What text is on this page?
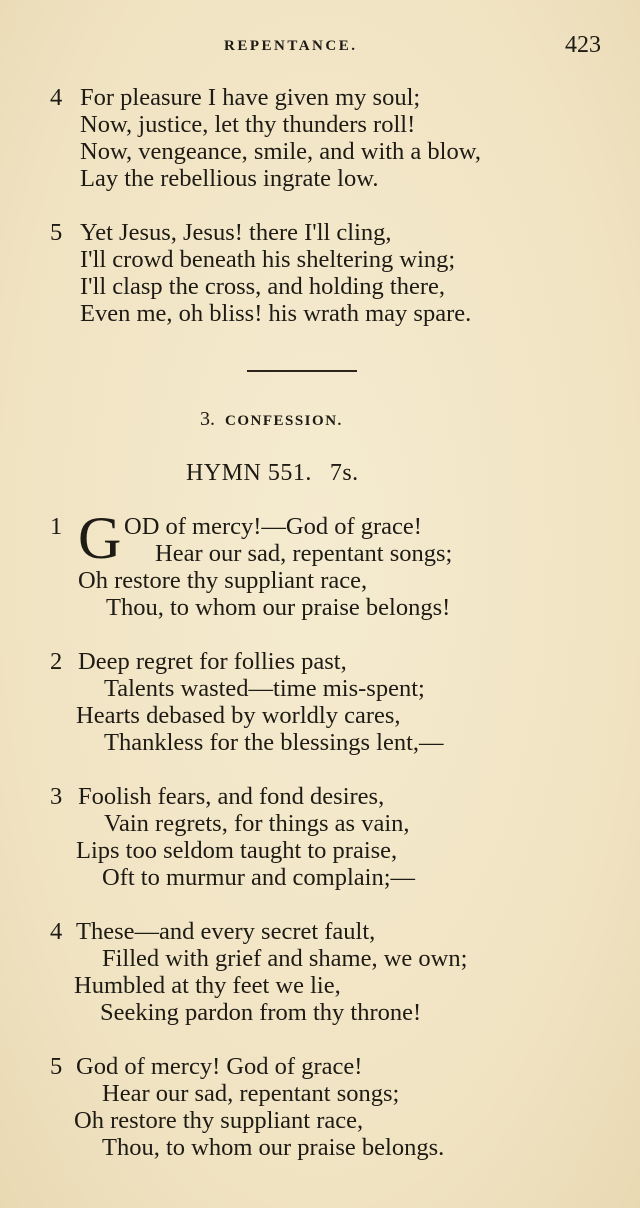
REPENTANCE.	423
4 For pleasure I have given my soul;
Now, justice, let thy thunders roll!
Now, vengeance, smile, and with a blow,
Lay the rebellious ingrate low.
5 Yet Jesus, Jesus! there I'll cling,
I'll crowd beneath his sheltering wing;
I'll clasp the cross, and holding there,
Even me, oh bliss! his wrath may spare.
3. CONFESSION.
HYMN 551. 7s.
G
1	OD of mercy!—God of grace!
Hear our sad, repentant songs;
Oh restore thy suppliant race,
Thou, to whom our praise belongs!
2 Deep regret for follies past,
Talents wasted—time mis-spent;
Hearts debased by worldly cares,
Thankless for the blessings lent,—
3 Foolish fears, and fond desires,
Vain regrets, for things as vain,
Lips too seldom taught to praise,
Oft to murmur and complain;—
4 These—and every secret fault,
Filled with grief and shame, we own;
Humbled at thy feet we lie,
Seeking pardon from thy throne!
5 God of mercy! God of grace!
Hear our sad, repentant songs;
Oh restore thy suppliant race,
Thou, to whom our praise belongs.
